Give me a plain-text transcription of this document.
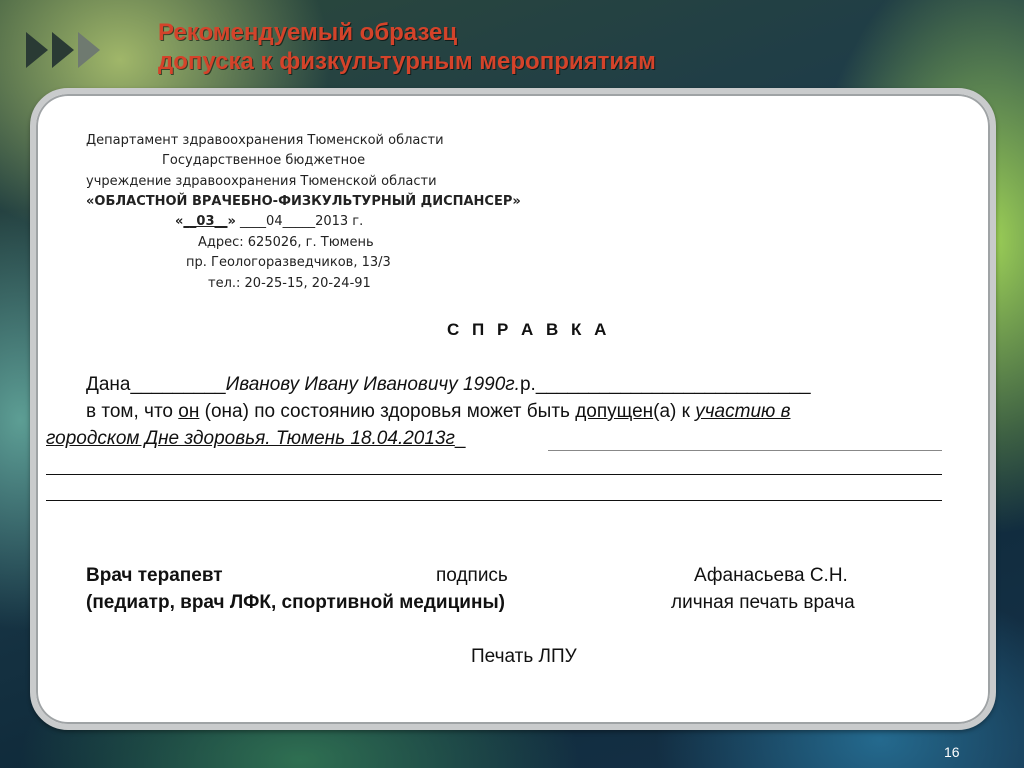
Рекомендуемый образец
допуска к физкультурным мероприятиям
Департамент здравоохранения Тюменской области
Государственное бюджетное
учреждение здравоохранения Тюменской области
«ОБЛАСТНОЙ ВРАЧЕБНО-ФИЗКУЛЬТУРНЫЙ ДИСПАНСЕР»
«__03__» ____04_____2013 г.
Адрес: 625026, г. Тюмень
пр. Геологоразведчиков, 13/3
тел.: 20-25-15, 20-24-91
С П Р А В К А
Дана_________Иванову Ивану Ивановичу 1990г.р.__________________________
в том, что он (она) по состоянию здоровья может быть допущен(а) к участию в
городском Дне здоровья. Тюмень 18.04.2013г_
Врач терапевт	подпись	Афанасьева С.Н.
(педиатр, врач ЛФК, спортивной медицины)	личная печать врача
Печать ЛПУ
16
